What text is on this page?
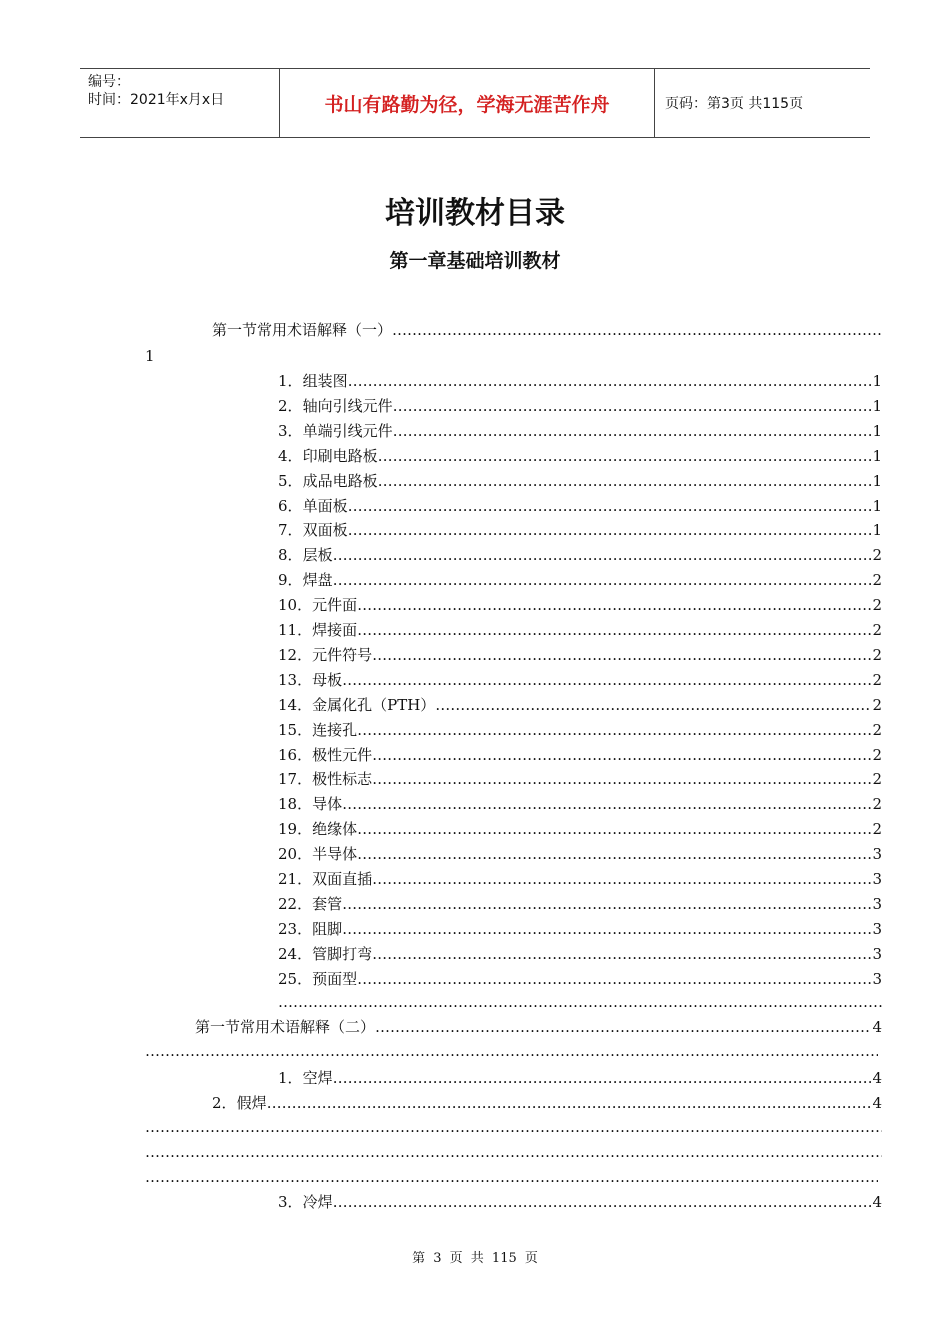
编号：
时间：2021年x月x日	书山有路勤为径，学海无涯苦作舟	页码：第3页 共115页
培训教材目录
第一章基础培训教材
第一节常用术语解释（一）
…………………………………………………………………………………………………………………………………………………………
1
1．组装图 …………………………………………………………………………………………………………………………………………………………	1
2．轴向引线元件 …………………………………………………………………………………………………………………………………………………………	1
3．单端引线元件 …………………………………………………………………………………………………………………………………………………………	1
4．印刷电路板 …………………………………………………………………………………………………………………………………………………………	1
5．成品电路板 …………………………………………………………………………………………………………………………………………………………	1
6．单面板 …………………………………………………………………………………………………………………………………………………………	1
7．双面板 …………………………………………………………………………………………………………………………………………………………	1
8．层板 …………………………………………………………………………………………………………………………………………………………	2
9．焊盘 …………………………………………………………………………………………………………………………………………………………	2
10．元件面 …………………………………………………………………………………………………………………………………………………………	2
11．焊接面 …………………………………………………………………………………………………………………………………………………………	2
12．元件符号 …………………………………………………………………………………………………………………………………………………………	2
13．母板 …………………………………………………………………………………………………………………………………………………………	2
14．金属化孔（PTH） …………………………………………………………………………………………………………………………………………………………	2
15．连接孔 …………………………………………………………………………………………………………………………………………………………	2
16．极性元件 …………………………………………………………………………………………………………………………………………………………	2
17．极性标志 …………………………………………………………………………………………………………………………………………………………	2
18．导体 …………………………………………………………………………………………………………………………………………………………	2
19．绝缘体 …………………………………………………………………………………………………………………………………………………………	2
20．半导体 …………………………………………………………………………………………………………………………………………………………	3
21．双面直插 …………………………………………………………………………………………………………………………………………………………	3
22．套管 …………………………………………………………………………………………………………………………………………………………	3
23．阻脚 …………………………………………………………………………………………………………………………………………………………	3
24．管脚打弯 …………………………………………………………………………………………………………………………………………………………	3
25．预面型 …………………………………………………………………………………………………………………………………………………………	3
…………………………………………………………………………………………………………………………………………………………………………
第一节常用术语解释（二） …………………………………………………………………………………………………………………………………………………………	4
…………………………………………………………………………………………………………………………………………………………………………
1．空焊 …………………………………………………………………………………………………………………………………………………………	4
2．假焊 …………………………………………………………………………………………………………………………………………………………	4
3．冷焊 …………………………………………………………………………………………………………………………………………………………	4
…………………………………………………………………………………………………………………………………………………………………………
…………………………………………………………………………………………………………………………………………………………………………
…………………………………………………………………………………………………………………………………………………………………………
第 3 页 共 115 页
